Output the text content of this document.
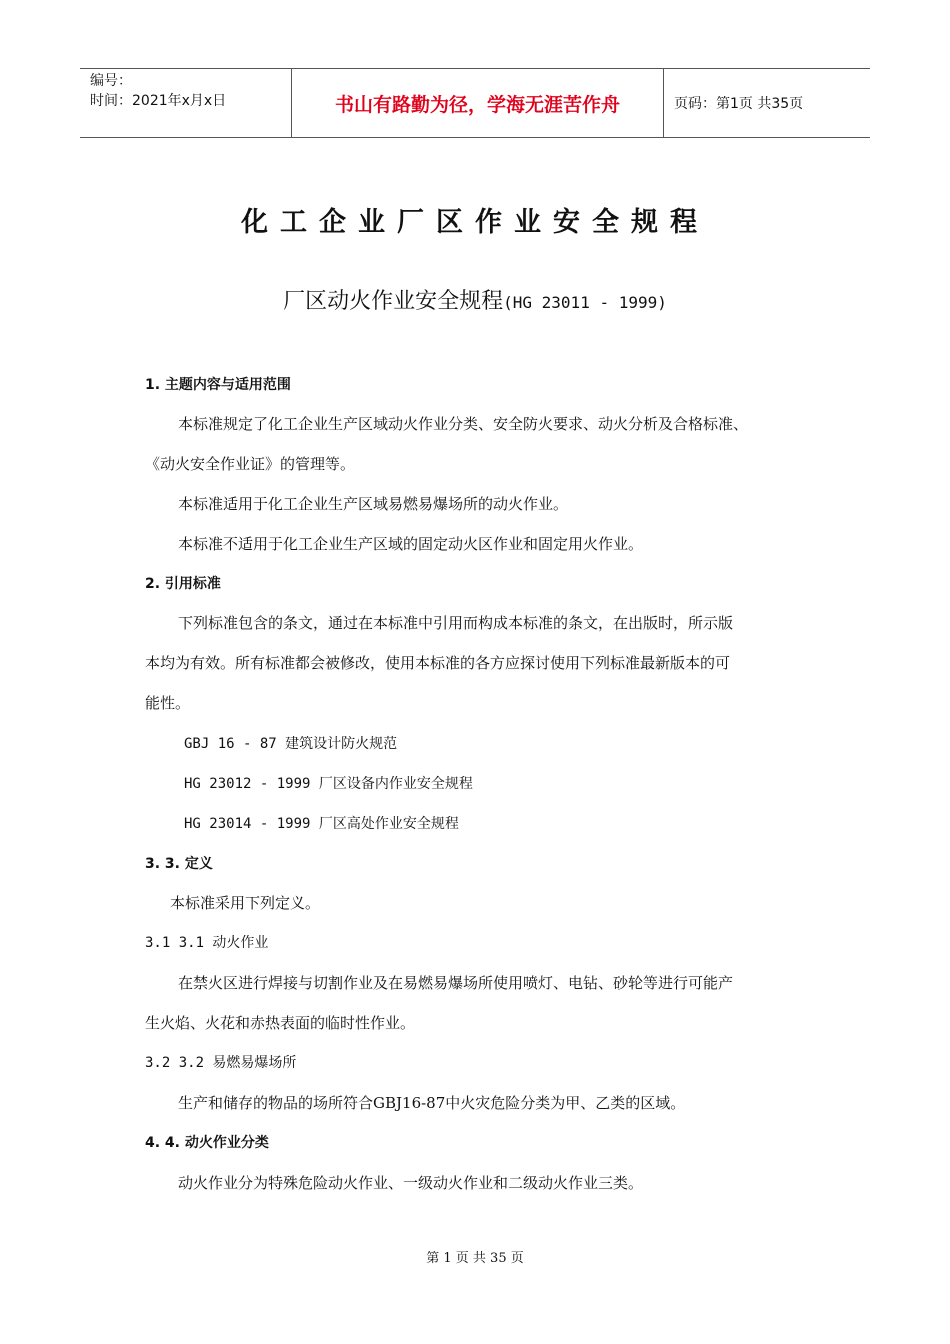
编号：
时间：2021年x月x日	书山有路勤为径，学海无涯苦作舟	页码：第1页 共35页
化工企业厂区作业安全规程
厂区动火作业安全规程(HG 23011 - 1999)
1. 主题内容与适用范围
本标准规定了化工企业生产区域动火作业分类、安全防火要求、动火分析及合格标准、
《动火安全作业证》的管理等。
本标准适用于化工企业生产区域易燃易爆场所的动火作业。
本标准不适用于化工企业生产区域的固定动火区作业和固定用火作业。
2. 引用标准
下列标准包含的条文，通过在本标准中引用而构成本标准的条文，在出版时，所示版
本均为有效。所有标准都会被修改，使用本标准的各方应探讨使用下列标准最新版本的可
能性。
GBJ 16 - 87 建筑设计防火规范
HG 23012 - 1999 厂区设备内作业安全规程
HG 23014 - 1999 厂区高处作业安全规程
3. 3. 定义
本标准采用下列定义。
3.1 3.1 动火作业
在禁火区进行焊接与切割作业及在易燃易爆场所使用喷灯、电钻、砂轮等进行可能产
生火焰、火花和赤热表面的临时性作业。
3.2 3.2 易燃易爆场所
生产和储存的物品的场所符合GBJ16-87中火灾危险分类为甲、乙类的区域。
4. 4. 动火作业分类
动火作业分为特殊危险动火作业、一级动火作业和二级动火作业三类。
第 1 页 共 35 页
